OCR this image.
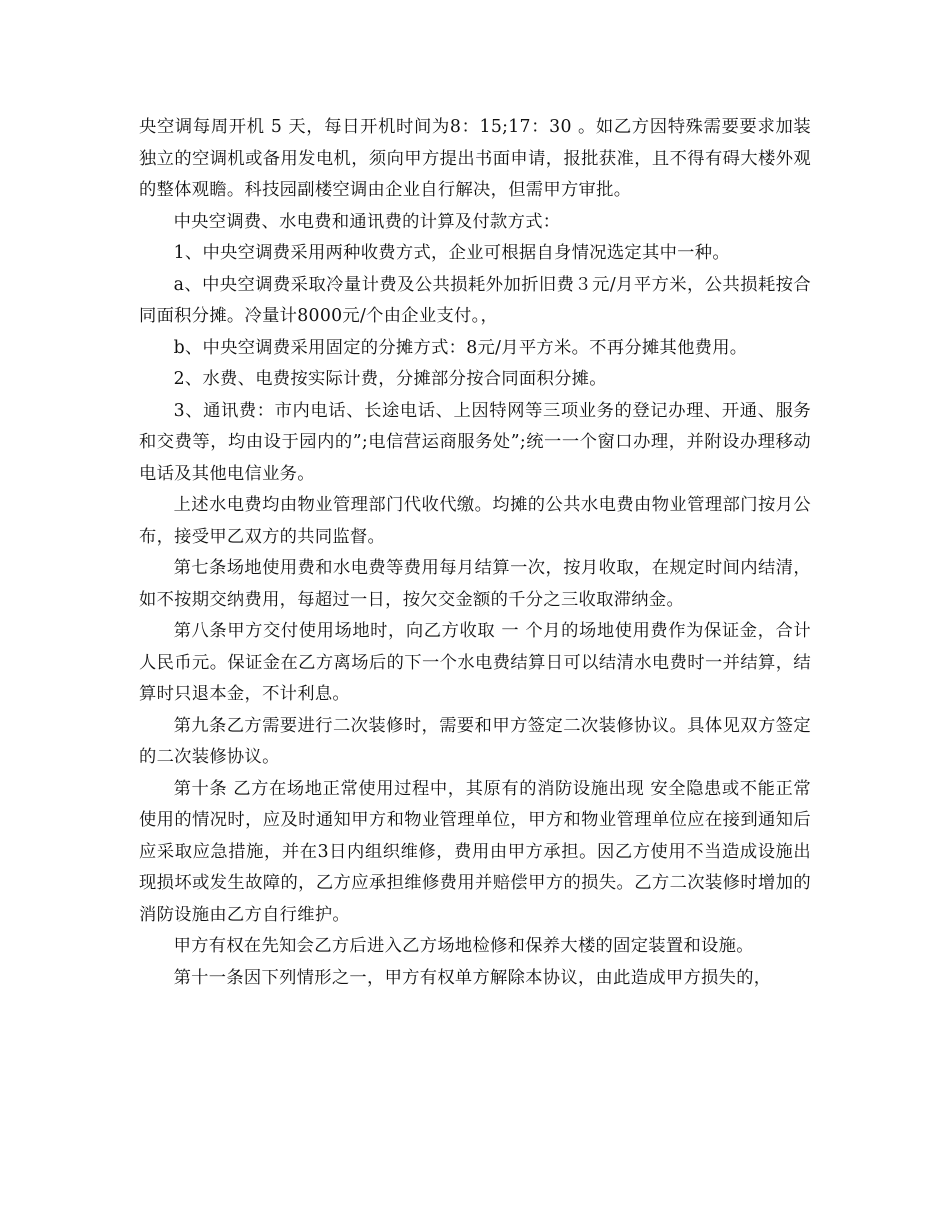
央空调每周开机 5 天，每日开机时间为8：15;17：30 。如乙方因特殊需要要求加装独立的空调机或备用发电机，须向甲方提出书面申请，报批获准，且不得有碍大楼外观的整体观瞻。科技园副楼空调由企业自行解决，但需甲方审批。

中央空调费、水电费和通讯费的计算及付款方式：

1、中央空调费采用两种收费方式，企业可根据自身情况选定其中一种。

a、中央空调费采取冷量计费及公共损耗外加折旧费３元/月平方米，公共损耗按合同面积分摊。冷量计8000元/个由企业支付。，

b、中央空调费采用固定的分摊方式：8元/月平方米。不再分摊其他费用。

2、水费、电费按实际计费，分摊部分按合同面积分摊。

3、通讯费：市内电话、长途电话、上因特网等三项业务的登记办理、开通、服务和交费等，均由设于园内的”;电信营运商服务处”;统一一个窗口办理，并附设办理移动电话及其他电信业务。

上述水电费均由物业管理部门代收代缴。均摊的公共水电费由物业管理部门按月公布，接受甲乙双方的共同监督。

第七条场地使用费和水电费等费用每月结算一次，按月收取，在规定时间内结清，如不按期交纳费用，每超过一日，按欠交金额的千分之三收取滞纳金。

第八条甲方交付使用场地时，向乙方收取 一 个月的场地使用费作为保证金，合计人民币元。保证金在乙方离场后的下一个水电费结算日可以结清水电费时一并结算，结算时只退本金，不计利息。

第九条乙方需要进行二次装修时，需要和甲方签定二次装修协议。具体见双方签定的二次装修协议。

第十条 乙方在场地正常使用过程中，其原有的消防设施出现 安全隐患或不能正常使用的情况时，应及时通知甲方和物业管理单位，甲方和物业管理单位应在接到通知后应采取应急措施，并在3日内组织维修，费用由甲方承担。因乙方使用不当造成设施出现损坏或发生故障的，乙方应承担维修费用并赔偿甲方的损失。乙方二次装修时增加的消防设施由乙方自行维护。

甲方有权在先知会乙方后进入乙方场地检修和保养大楼的固定装置和设施。

第十一条因下列情形之一，甲方有权单方解除本协议，由此造成甲方损失的，
